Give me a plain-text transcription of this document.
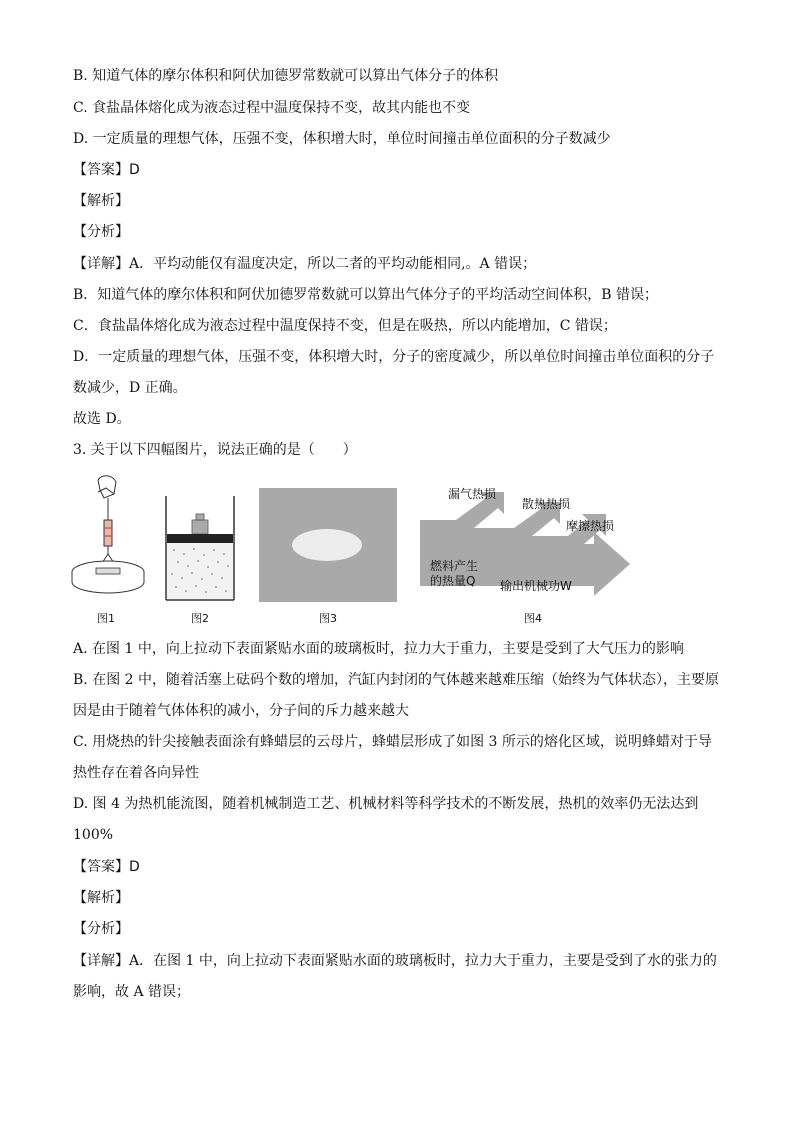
B. 知道气体的摩尔体积和阿伏加德罗常数就可以算出气体分子的体积
C. 食盐晶体熔化成为液态过程中温度保持不变，故其内能也不变
D. 一定质量的理想气体，压强不变，体积增大时，单位时间撞击单位面积的分子数减少
【答案】D
【解析】
【分析】
【详解】A．平均动能仅有温度决定，所以二者的平均动能相同,。A 错误；
B．知道气体的摩尔体积和阿伏加德罗常数就可以算出气体分子的平均活动空间体积，B 错误；
C．食盐晶体熔化成为液态过程中温度保持不变，但是在吸热，所以内能增加，C 错误；
D．一定质量的理想气体，压强不变，体积增大时，分子的密度减少，所以单位时间撞击单位面积的分子
数减少，D 正确。
故选 D。
3. 关于以下四幅图片，说法正确的是（　　）
图1	图2	图3
漏气热损
散热热损
摩擦热损
燃料产生
的热量Q 输出机械功W
图4
A. 在图 1 中，向上拉动下表面紧贴水面的玻璃板时，拉力大于重力，主要是受到了大气压力的影响
B. 在图 2 中，随着活塞上砝码个数的增加，汽缸内封闭的气体越来越难压缩（始终为气体状态），主要原
因是由于随着气体体积的减小，分子间的斥力越来越大
C. 用烧热的针尖接触表面涂有蜂蜡层的云母片，蜂蜡层形成了如图 3 所示的熔化区域，说明蜂蜡对于导
热性存在着各向异性
D. 图 4 为热机能流图，随着机械制造工艺、机械材料等科学技术的不断发展，热机的效率仍无法达到
100%
【答案】D
【解析】
【分析】
【详解】A．在图 1 中，向上拉动下表面紧贴水面的玻璃板时，拉力大于重力，主要是受到了水的张力的
影响，故 A 错误；
